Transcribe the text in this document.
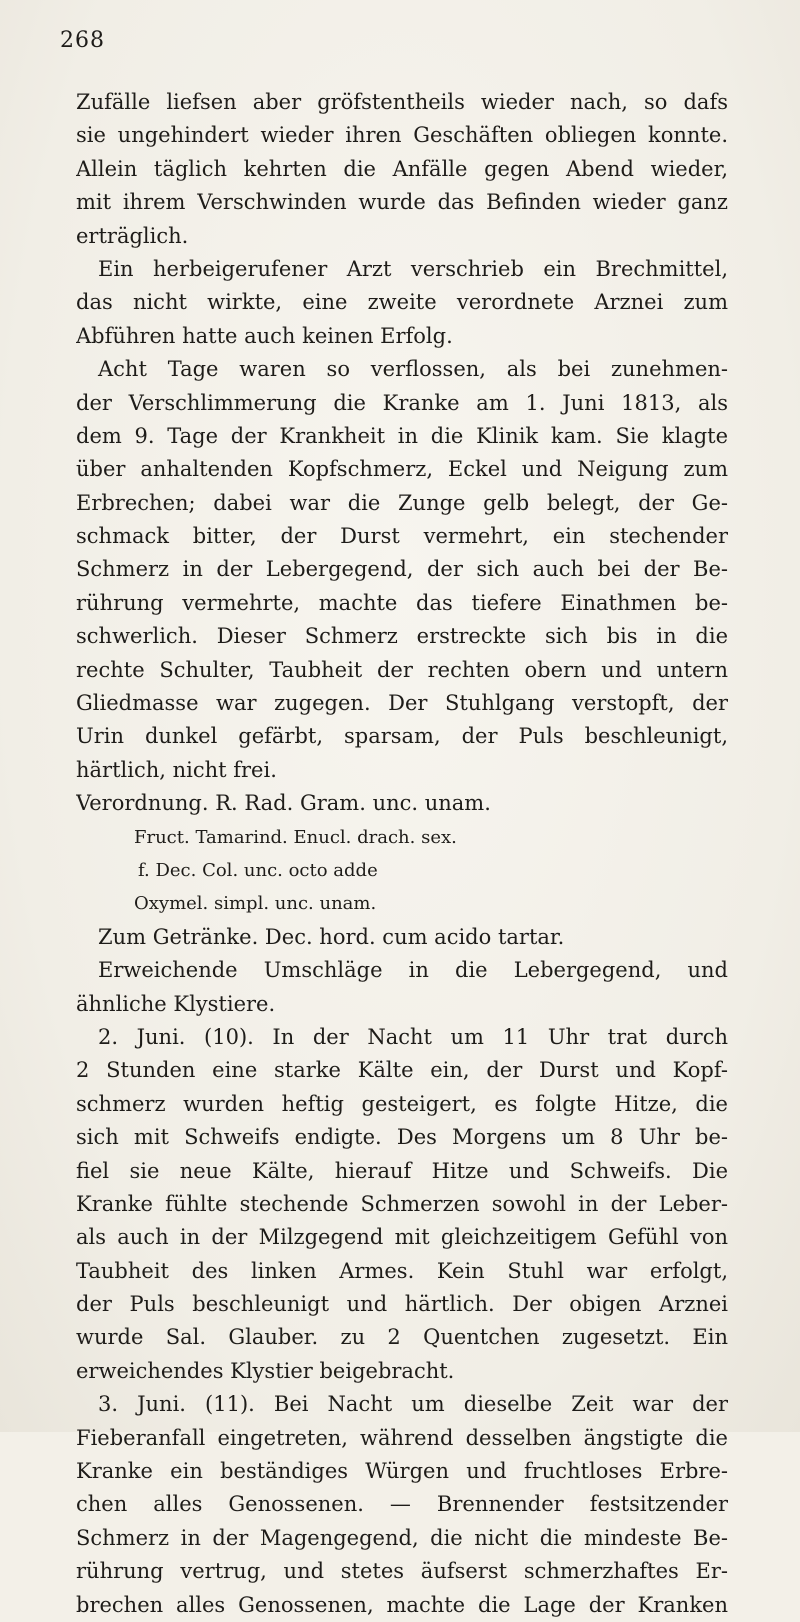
268
Zufälle liefsen aber gröfstentheils wieder nach, so dafs
sie ungehindert wieder ihren Geschäften obliegen konnte.
Allein täglich kehrten die Anfälle gegen Abend wieder,
mit ihrem Verschwinden wurde das Befinden wieder ganz
erträglich.
Ein herbeigerufener Arzt verschrieb ein Brechmittel,
das nicht wirkte, eine zweite verordnete Arznei zum
Abführen hatte auch keinen Erfolg.
Acht Tage waren so verflossen, als bei zunehmen-
der Verschlimmerung die Kranke am 1. Juni 1813, als
dem 9. Tage der Krankheit in die Klinik kam. Sie klagte
über anhaltenden Kopfschmerz, Eckel und Neigung zum
Erbrechen; dabei war die Zunge gelb belegt, der Ge-
schmack bitter, der Durst vermehrt, ein stechender
Schmerz in der Lebergegend, der sich auch bei der Be-
rührung vermehrte, machte das tiefere Einathmen be-
schwerlich. Dieser Schmerz erstreckte sich bis in die
rechte Schulter, Taubheit der rechten obern und untern
Gliedmasse war zugegen. Der Stuhlgang verstopft, der
Urin dunkel gefärbt, sparsam, der Puls beschleunigt,
härtlich, nicht frei.
Verordnung. R. Rad. Gram. unc. unam.
Fruct. Tamarind. Enucl. drach. sex.
f. Dec. Col. unc. octo adde
Oxymel. simpl. unc. unam.
Zum Getränke. Dec. hord. cum acido tartar.
Erweichende Umschläge in die Lebergegend, und
ähnliche Klystiere.
2. Juni. (10). In der Nacht um 11 Uhr trat durch
2 Stunden eine starke Kälte ein, der Durst und Kopf-
schmerz wurden heftig gesteigert, es folgte Hitze, die
sich mit Schweifs endigte. Des Morgens um 8 Uhr be-
fiel sie neue Kälte, hierauf Hitze und Schweifs. Die
Kranke fühlte stechende Schmerzen sowohl in der Leber-
als auch in der Milzgegend mit gleichzeitigem Gefühl von
Taubheit des linken Armes. Kein Stuhl war erfolgt,
der Puls beschleunigt und härtlich. Der obigen Arznei
wurde Sal. Glauber. zu 2 Quentchen zugesetzt. Ein
erweichendes Klystier beigebracht.
3. Juni. (11). Bei Nacht um dieselbe Zeit war der
Fieberanfall eingetreten, während desselben ängstigte die
Kranke ein beständiges Würgen und fruchtloses Erbre-
chen alles Genossenen. — Brennender festsitzender
Schmerz in der Magengegend, die nicht die mindeste Be-
rührung vertrug, und stetes äufserst schmerzhaftes Er-
brechen alles Genossenen, machte die Lage der Kranken
